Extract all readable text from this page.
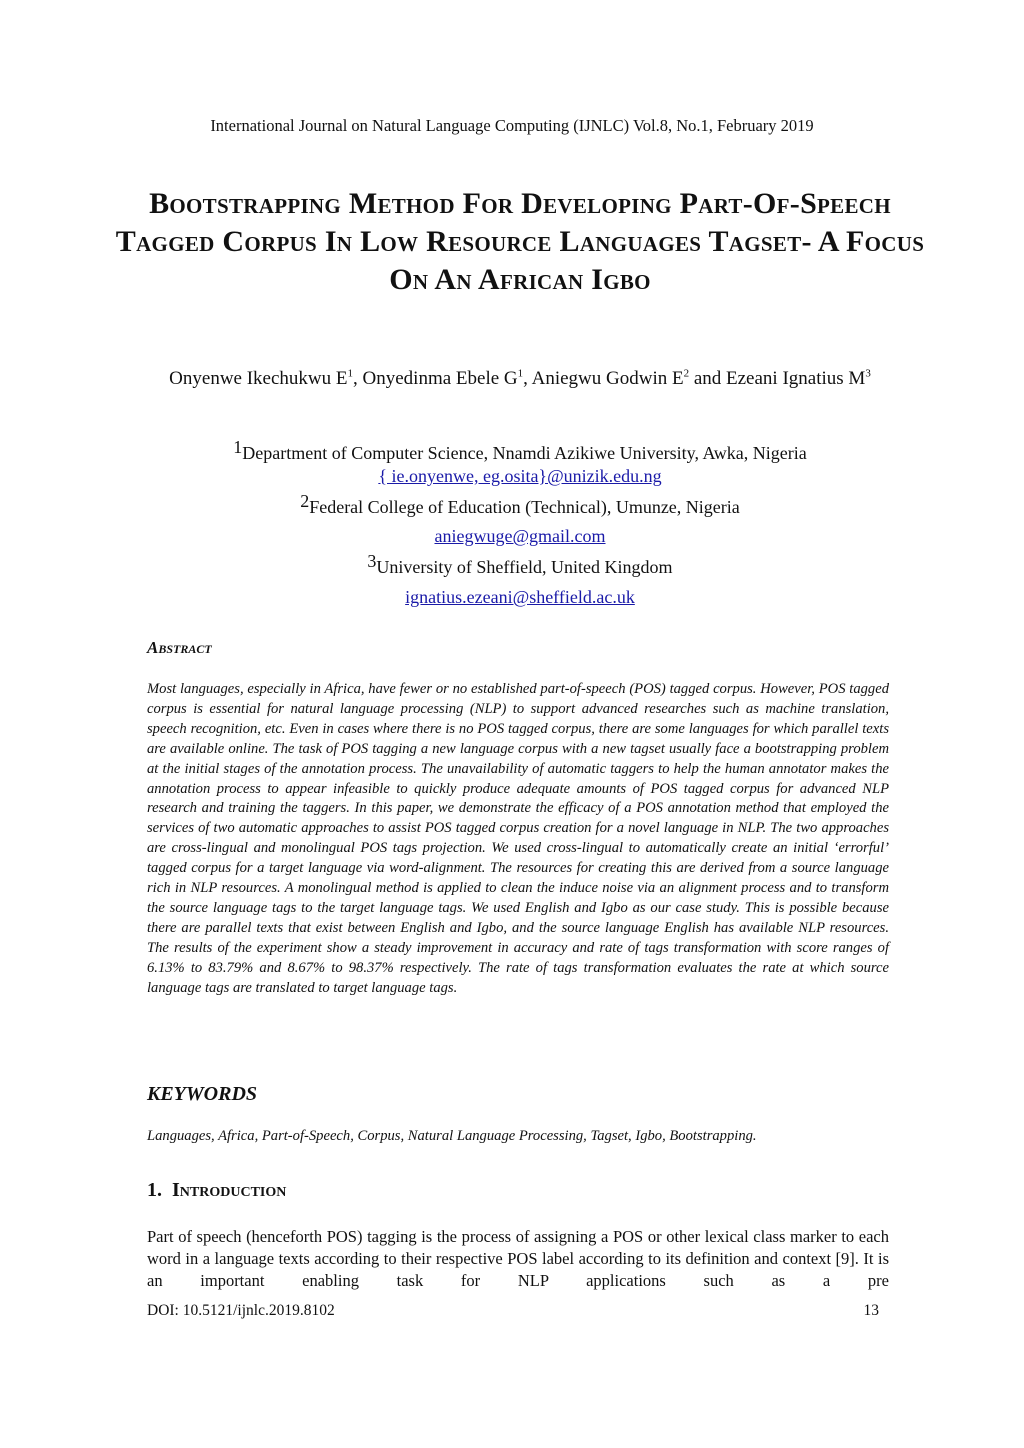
International Journal on Natural Language Computing (IJNLC) Vol.8, No.1, February 2019
Bootstrapping Method For Developing Part-Of-Speech Tagged Corpus In Low Resource Languages Tagset- A Focus On An African Igbo
Onyenwe Ikechukwu $E^1$, Onyedinma Ebele $G^1$, Aniegwu Godwin $E^2$ and Ezeani Ignatius $M^3$
$^1$Department of Computer Science, Nnamdi Azikiwe University, Awka, Nigeria
{ ie.onyenwe, eg.osita}@unizik.edu.ng
$^2$Federal College of Education (Technical), Umunze, Nigeria
aniegwuge@gmail.com
$^3$University of Sheffield, United Kingdom
ignatius.ezeani@sheffield.ac.uk
Abstract
Most languages, especially in Africa, have fewer or no established part-of-speech (POS) tagged corpus. However, POS tagged corpus is essential for natural language processing (NLP) to support advanced researches such as machine translation, speech recognition, etc. Even in cases where there is no POS tagged corpus, there are some languages for which parallel texts are available online. The task of POS tagging a new language corpus with a new tagset usually face a bootstrapping problem at the initial stages of the annotation process. The unavailability of automatic taggers to help the human annotator makes the annotation process to appear infeasible to quickly produce adequate amounts of POS tagged corpus for advanced NLP research and training the taggers. In this paper, we demonstrate the efficacy of a POS annotation method that employed the services of two automatic approaches to assist POS tagged corpus creation for a novel language in NLP. The two approaches are cross-lingual and monolingual POS tags projection. We used cross-lingual to automatically create an initial ‘errorful’ tagged corpus for a target language via word-alignment. The resources for creating this are derived from a source language rich in NLP resources. A monolingual method is applied to clean the induce noise via an alignment process and to transform the source language tags to the target language tags. We used English and Igbo as our case study. This is possible because there are parallel texts that exist between English and Igbo, and the source language English has available NLP resources. The results of the experiment show a steady improvement in accuracy and rate of tags transformation with score ranges of 6.13% to 83.79% and 8.67% to 98.37% respectively. The rate of tags transformation evaluates the rate at which source language tags are translated to target language tags.
KEYWORDS
Languages, Africa, Part-of-Speech, Corpus, Natural Language Processing, Tagset, Igbo, Bootstrapping.
1. Introduction
Part of speech (henceforth POS) tagging is the process of assigning a POS or other lexical class marker to each word in a language texts according to their respective POS label according to its definition and context [9]. It is an important enabling task for NLP applications such as a pre
DOI: 10.5121/ijnlc.2019.8102	13
